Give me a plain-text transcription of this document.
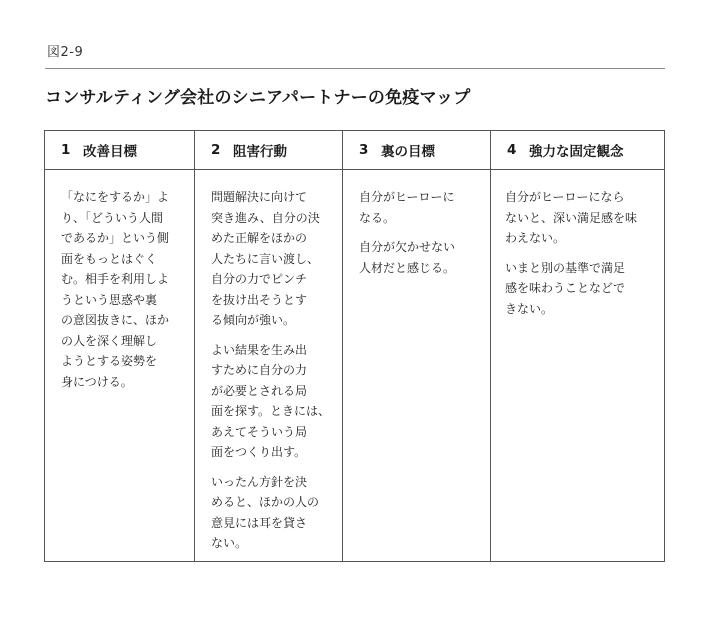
図2-9
コンサルティング会社のシニアパートナーの免疫マップ
1 改善目標
「なにをするか」よ
り、「どういう人間
であるか」という側
面をもっとはぐく
む。相手を利用しよ
うという思惑や裏
の意図抜きに、ほか
の人を深く理解し
ようとする姿勢を
身につける。
2 阻害行動
問題解決に向けて
突き進み、自分の決
めた正解をほかの
人たちに言い渡し、
自分の力でピンチ
を抜け出そうとす
る傾向が強い。
よい結果を生み出
すために自分の力
が必要とされる局
面を探す。ときには、
あえてそういう局
面をつくり出す。
いったん方針を決
めると、ほかの人の
意見には耳を貸さ
ない。
3 裏の目標
自分がヒーローに
なる。
自分が欠かせない
人材だと感じる。
4 強力な固定観念
自分がヒーローになら
ないと、深い満足感を味
わえない。
いまと別の基準で満足
感を味わうことなどで
きない。
